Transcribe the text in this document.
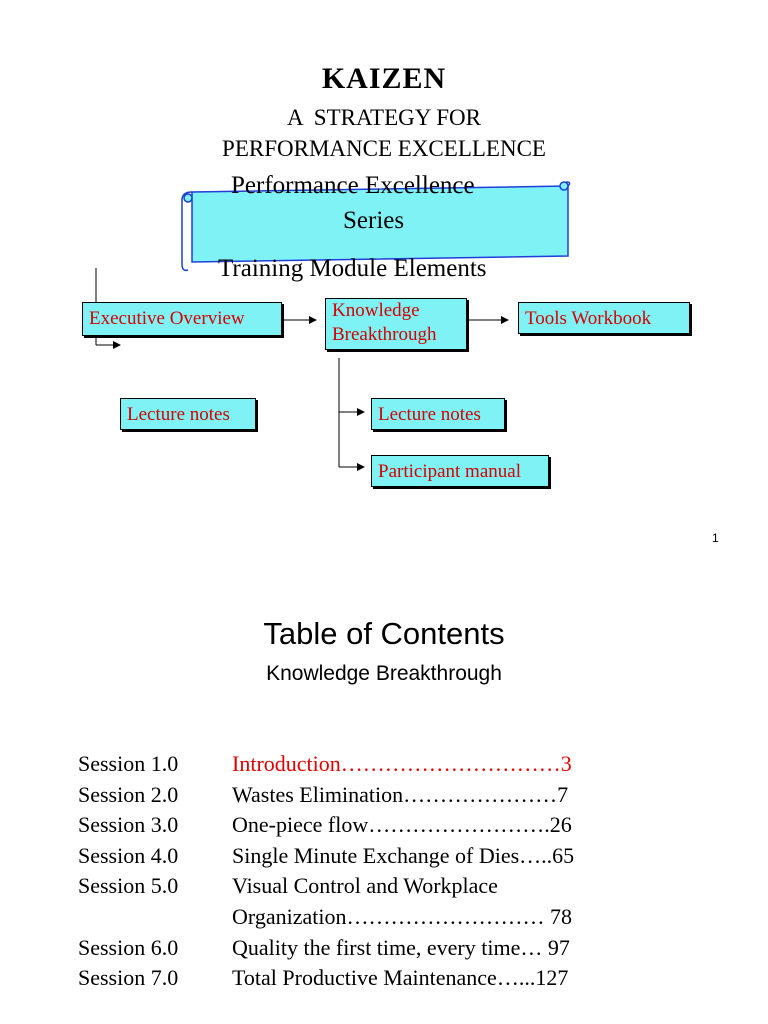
KAIZEN
A  STRATEGY FOR
PERFORMANCE EXCELLENCE
Performance Excellence
Series
Training Module Elements
Executive Overview	Knowledge
Breakthrough
Tools Workbook
Lecture notes	Lecture notes
Participant manual
1
Table of Contents
Knowledge Breakthrough
Session 1.0 Introduction…………………………3
Session 2.0 Wastes Elimination…………………7
Session 3.0 One-piece flow…………………….26
Session 4.0 Single Minute Exchange of Dies…..65
Session 5.0 Visual Control and Workplace
Organization……………………… 78
Session 6.0 Quality the first time, every time… 97
Session 7.0 Total Productive Maintenance…...127
